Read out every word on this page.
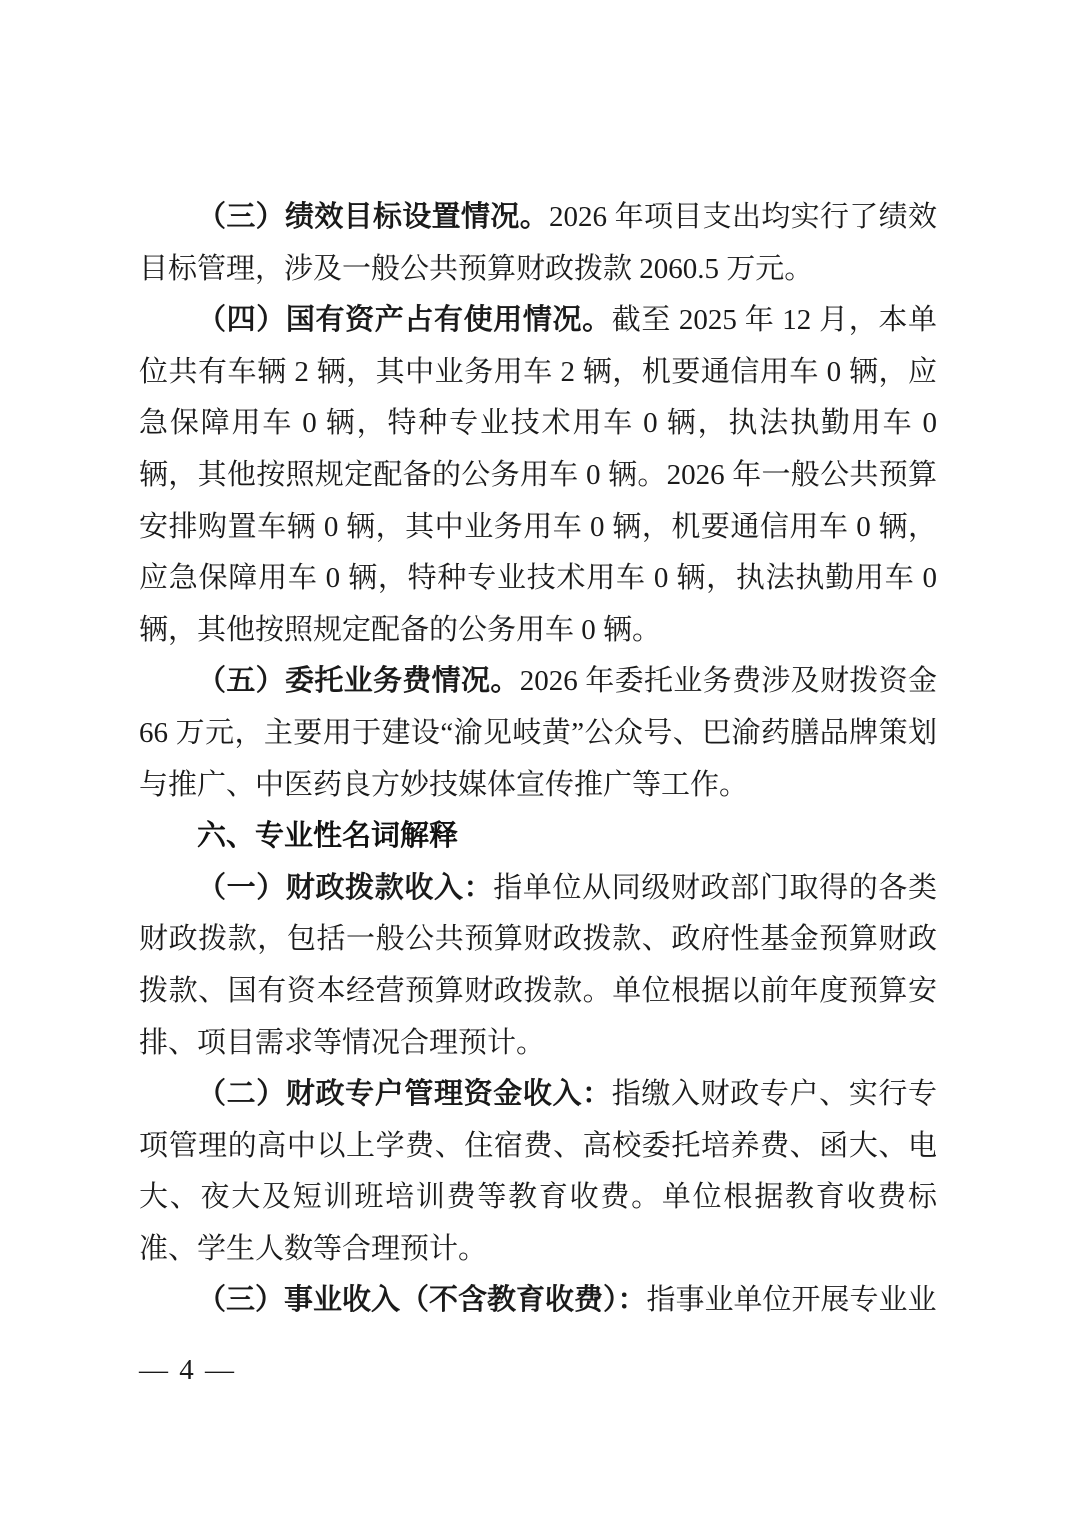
（三）绩效目标设置情况。2026 年项目支出均实行了绩效目标管理，涉及一般公共预算财政拨款 2060.5 万元。

（四）国有资产占有使用情况。截至 2025 年 12 月，本单位共有车辆 2 辆，其中业务用车 2 辆，机要通信用车 0 辆，应急保障用车 0 辆，特种专业技术用车 0 辆，执法执勤用车 0 辆，其他按照规定配备的公务用车 0 辆。2026 年一般公共预算安排购置车辆 0 辆，其中业务用车 0 辆，机要通信用车 0 辆，应急保障用车 0 辆，特种专业技术用车 0 辆，执法执勤用车 0 辆，其他按照规定配备的公务用车 0 辆。

（五）委托业务费情况。2026 年委托业务费涉及财拨资金 66 万元，主要用于建设“渝见岐黄”公众号、巴渝药膳品牌策划与推广、中医药良方妙技媒体宣传推广等工作。

六、专业性名词解释

（一）财政拨款收入：指单位从同级财政部门取得的各类财政拨款，包括一般公共预算财政拨款、政府性基金预算财政拨款、国有资本经营预算财政拨款。单位根据以前年度预算安排、项目需求等情况合理预计。

（二）财政专户管理资金收入：指缴入财政专户、实行专项管理的高中以上学费、住宿费、高校委托培养费、函大、电大、夜大及短训班培训费等教育收费。单位根据教育收费标准、学生人数等合理预计。

（三）事业收入（不含教育收费）：指事业单位开展专业业

— 4 —
